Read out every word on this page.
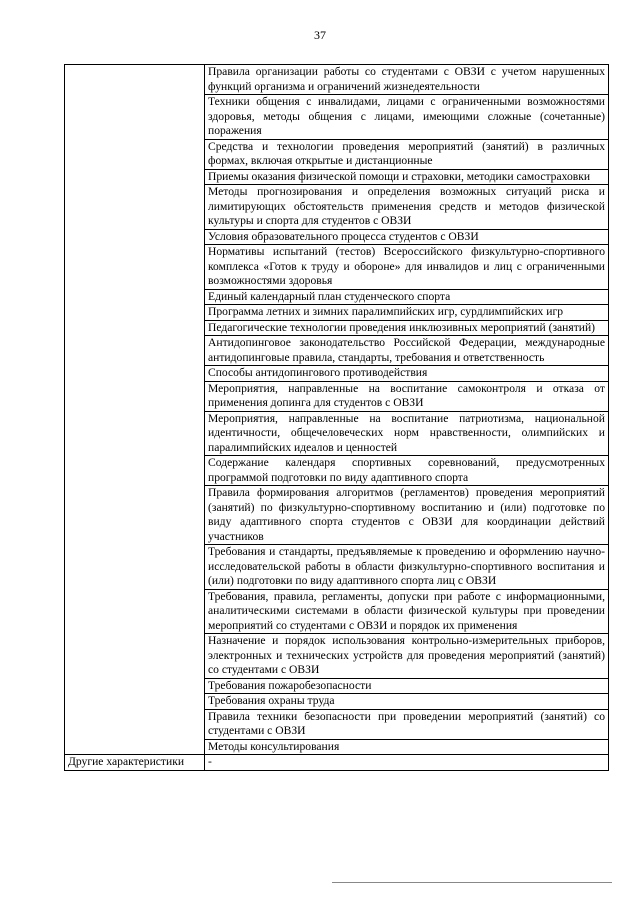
37
	Правила организации работы со студентами с ОВЗИ с учетом нарушенных функций организма и ограничений жизнедеятельности
	Техники общения с инвалидами, лицами с ограниченными возможностями здоровья, методы общения с лицами, имеющими сложные (сочетанные) поражения
	Средства и технологии проведения мероприятий (занятий) в различных формах, включая открытые и дистанционные
	Приемы оказания физической помощи и страховки, методики самостраховки
	Методы прогнозирования и определения возможных ситуаций риска и лимитирующих обстоятельств применения средств и методов физической культуры и спорта для студентов с ОВЗИ
	Условия образовательного процесса студентов с ОВЗИ
	Нормативы испытаний (тестов) Всероссийского физкультурно-спортивного комплекса «Готов к труду и обороне» для инвалидов и лиц с ограниченными возможностями здоровья
	Единый календарный план студенческого спорта
	Программа летних и зимних паралимпийских игр, сурдлимпийских игр
	Педагогические технологии проведения инклюзивных мероприятий (занятий)
	Антидопинговое законодательство Российской Федерации, международные антидопинговые правила, стандарты, требования и ответственность
	Способы антидопингового противодействия
	Мероприятия, направленные на воспитание самоконтроля и отказа от применения допинга для студентов с ОВЗИ
	Мероприятия, направленные на воспитание патриотизма, национальной идентичности, общечеловеческих норм нравственности, олимпийских и паралимпийских идеалов и ценностей
	Содержание календаря спортивных соревнований, предусмотренных программой подготовки по виду адаптивного спорта
	Правила формирования алгоритмов (регламентов) проведения мероприятий (занятий) по физкультурно-спортивному воспитанию и (или) подготовке по виду адаптивного спорта студентов с ОВЗИ для координации действий участников
	Требования и стандарты, предъявляемые к проведению и оформлению научно-исследовательской работы в области физкультурно-спортивного воспитания и (или) подготовки по виду адаптивного спорта лиц с ОВЗИ
	Требования, правила, регламенты, допуски при работе с информационными, аналитическими системами в области физической культуры при проведении мероприятий со студентами с ОВЗИ и порядок их применения
	Назначение и порядок использования контрольно-измерительных приборов, электронных и технических устройств для проведения мероприятий (занятий) со студентами с ОВЗИ
	Требования пожаробезопасности
	Требования охраны труда
	Правила техники безопасности при проведении мероприятий (занятий) со студентами с ОВЗИ
	Методы консультирования
Другие характеристики	-
